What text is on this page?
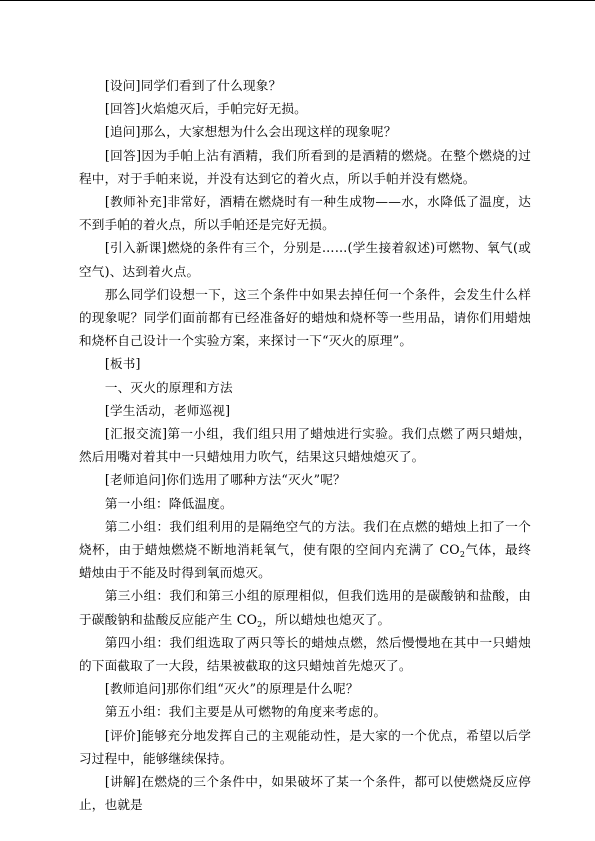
[设问]同学们看到了什么现象？

[回答]火焰熄灭后，手帕完好无损。

[追问]那么，大家想想为什么会出现这样的现象呢？

[回答]因为手帕上沾有酒精，我们所看到的是酒精的燃烧。在整个燃烧的过程中，对于手帕来说，并没有达到它的着火点，所以手帕并没有燃烧。

[教师补充]非常好，酒精在燃烧时有一种生成物——水，水降低了温度，达不到手帕的着火点，所以手帕还是完好无损。

[引入新课]燃烧的条件有三个，分别是……(学生接着叙述)可燃物、氧气(或空气)、达到着火点。

那么同学们设想一下，这三个条件中如果去掉任何一个条件，会发生什么样的现象呢？同学们面前都有已经准备好的蜡烛和烧杯等一些用品，请你们用蜡烛和烧杯自己设计一个实验方案，来探讨一下“灭火的原理”。

[板书]

一、灭火的原理和方法

[学生活动，老师巡视]

[汇报交流]第一小组，我们组只用了蜡烛进行实验。我们点燃了两只蜡烛，然后用嘴对着其中一只蜡烛用力吹气，结果这只蜡烛熄灭了。

[老师追问]你们选用了哪种方法“灭火”呢？

第一小组：降低温度。

第二小组：我们组利用的是隔绝空气的方法。我们在点燃的蜡烛上扣了一个烧杯，由于蜡烛燃烧不断地消耗氧气，使有限的空间内充满了 $CO_2$气体，最终蜡烛由于不能及时得到氧而熄灭。

第三小组：我们和第三小组的原理相似，但我们选用的是碳酸钠和盐酸，由于碳酸钠和盐酸反应能产生 $CO_2$，所以蜡烛也熄灭了。

第四小组：我们组选取了两只等长的蜡烛点燃，然后慢慢地在其中一只蜡烛的下面截取了一大段，结果被截取的这只蜡烛首先熄灭了。

[教师追问]那你们组“灭火”的原理是什么呢？

第五小组：我们主要是从可燃物的角度来考虑的。

[评价]能够充分地发挥自己的主观能动性，是大家的一个优点，希望以后学习过程中，能够继续保持。

[讲解]在燃烧的三个条件中，如果破坏了某一个条件，都可以使燃烧反应停止，也就是
